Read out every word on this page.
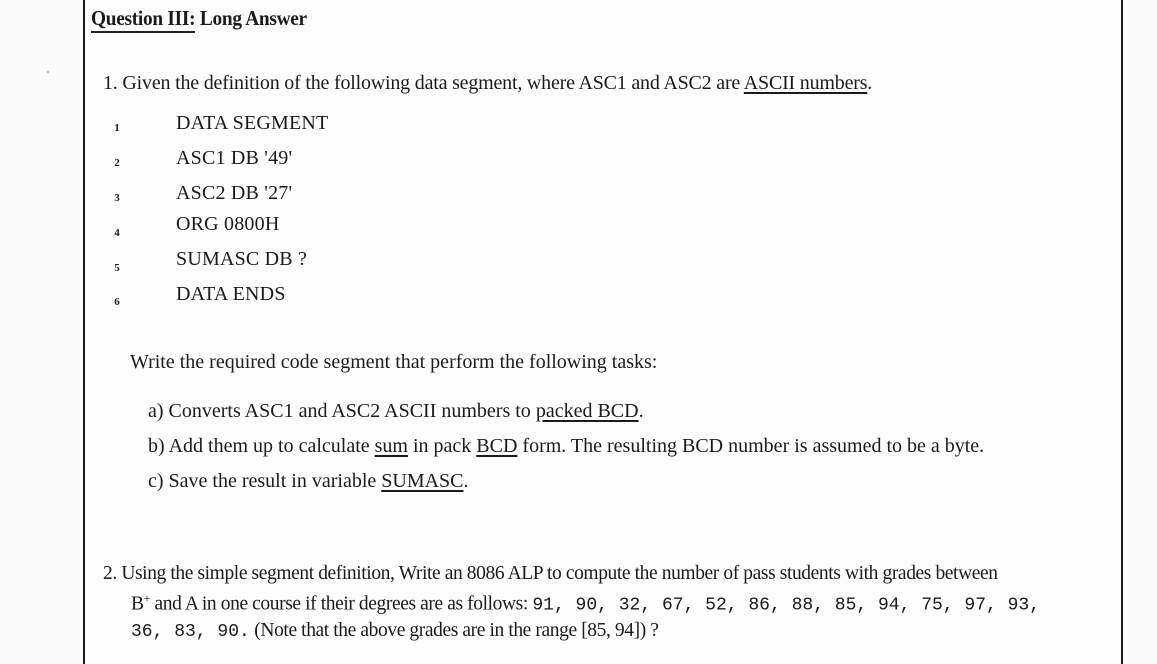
Question III: Long Answer
1. Given the definition of the following data segment, where ASC1 and ASC2 are ASCII numbers.
1	DATA SEGMENT
2	ASC1 DB '49'
3	ASC2 DB '27'
4	ORG 0800H
5	SUMASC DB ?
6	DATA ENDS
Write the required code segment that perform the following tasks:
a) Converts ASC1 and ASC2 ASCII numbers to packed BCD.
b) Add them up to calculate sum in pack BCD form. The resulting BCD number is assumed to be a byte.
c) Save the result in variable SUMASC.
2. Using the simple segment definition, Write an 8086 ALP to compute the number of pass students with grades between
B+ and A in one course if their degrees are as follows: 91, 90, 32, 67, 52, 86, 88, 85, 94, 75, 97, 93,
36, 83, 90. (Note that the above grades are in the range [85, 94]) ?
